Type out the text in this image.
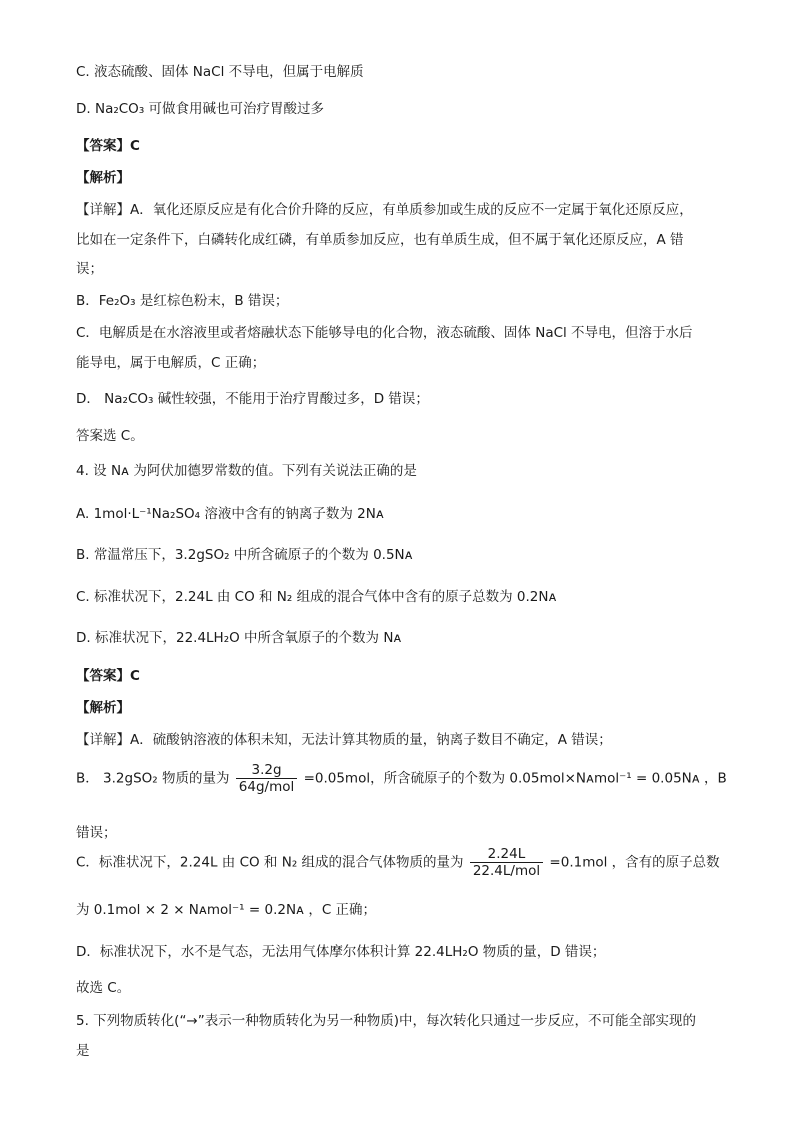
C. 液态硫酸、固体 NaCl 不导电，但属于电解质
D. Na₂CO₃ 可做食用碱也可治疗胃酸过多
【答案】C
【解析】
【详解】A．氧化还原反应是有化合价升降的反应，有单质参加或生成的反应不一定属于氧化还原反应，
比如在一定条件下，白磷转化成红磷，有单质参加反应，也有单质生成，但不属于氧化还原反应，A 错
误；
B．Fe₂O₃ 是红棕色粉末，B 错误；
C．电解质是在水溶液里或者熔融状态下能够导电的化合物，液态硫酸、固体 NaCl 不导电，但溶于水后
能导电，属于电解质，C 正确；
D． Na₂CO₃ 碱性较强，不能用于治疗胃酸过多，D 错误；
答案选 C。
4. 设 Nᴀ 为阿伏加德罗常数的值。下列有关说法正确的是
A. 1mol·L⁻¹Na₂SO₄ 溶液中含有的钠离子数为 2Nᴀ
B. 常温常压下，3.2gSO₂ 中所含硫原子的个数为 0.5Nᴀ
C. 标准状况下，2.24L 由 CO 和 N₂ 组成的混合气体中含有的原子总数为 0.2Nᴀ
D. 标准状况下，22.4LH₂O 中所含氧原子的个数为 Nᴀ
【答案】C
【解析】
【详解】A．硫酸钠溶液的体积未知，无法计算其物质的量，钠离子数目不确定，A 错误；
B． 3.2gSO₂ 物质的量为 $\frac{3.2g}{\text{64g/mol}} =0.05mol$，所含硫原子的个数为 0.05mol×Nᴀmol⁻¹ = 0.05Nᴀ ，B
错误；
C．标准状况下，2.24L 由 CO 和 N₂ 组成的混合气体物质的量为 $\frac{2.24L}{\text{22.4L/mol}} =0.1mol$ ，含有的原子总数
为 0.1mol × 2 × Nᴀmol⁻¹ = 0.2Nᴀ ，C 正确；
D．标准状况下，水不是气态，无法用气体摩尔体积计算 22.4LH₂O 物质的量，D 错误；
故选 C。
5. 下列物质转化(“→”表示一种物质转化为另一种物质)中，每次转化只通过一步反应，不可能全部实现的
是
